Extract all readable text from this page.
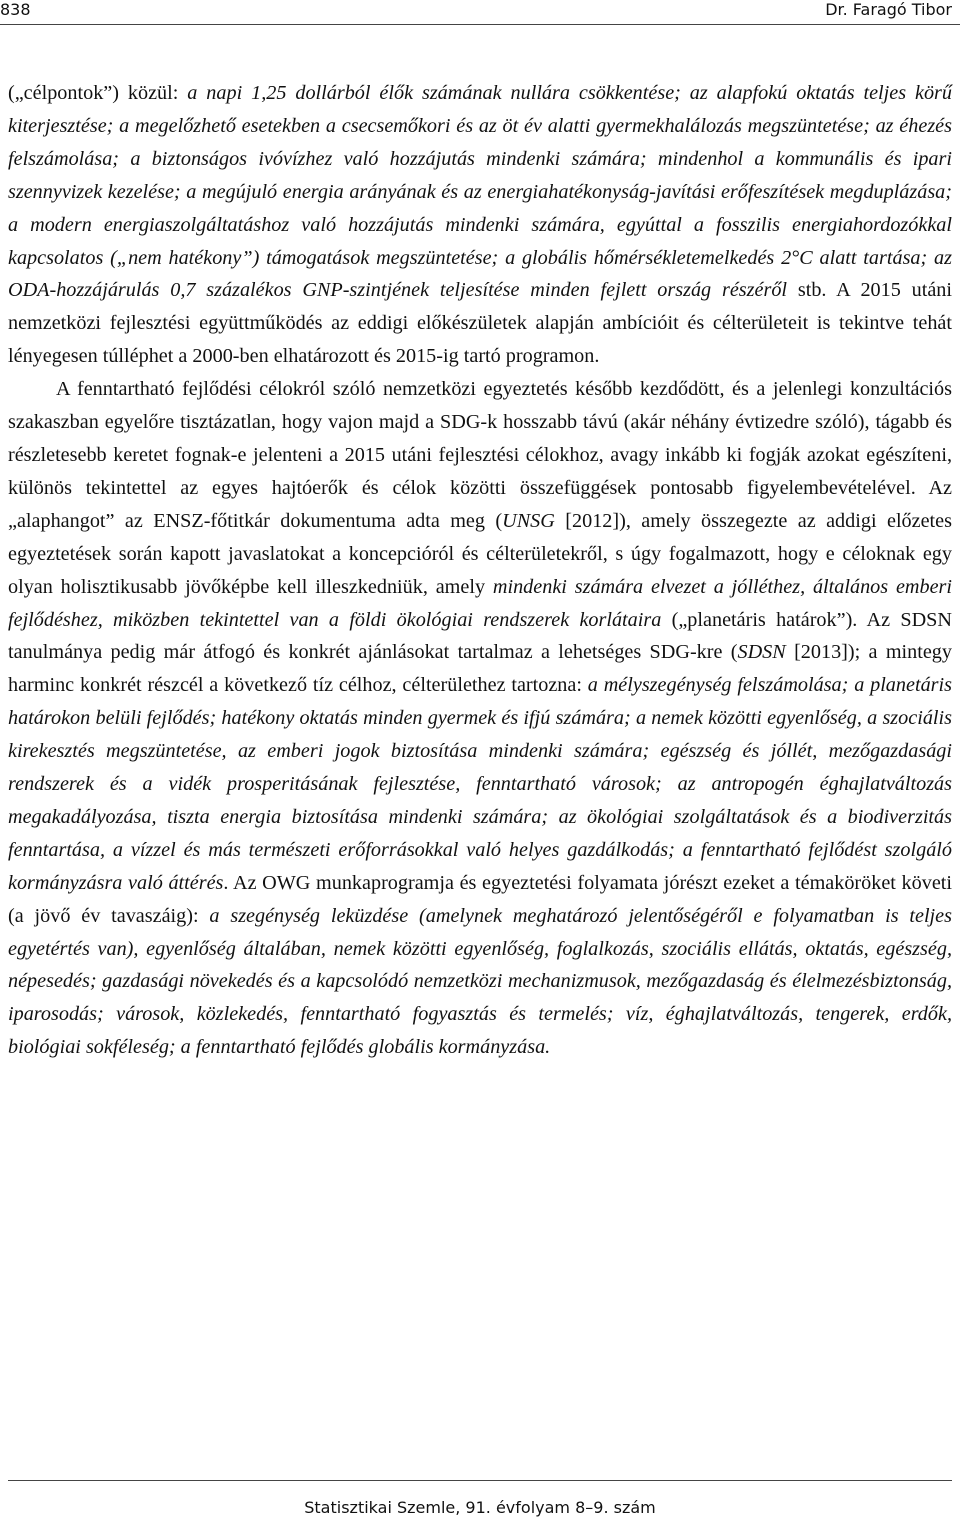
838	Dr. Faragó Tibor

(„célpontok”) közül: a napi 1,25 dollárból élők számának nullára csökkentése; az alapfokú oktatás teljes körű kiterjesztése; a megelőzhető esetekben a csecsemőkori és az öt év alatti gyermekhalálozás megszüntetése; az éhezés felszámolása; a biztonságos ivóvízhez való hozzájutás mindenki számára; mindenhol a kommunális és ipari szennyvizek kezelése; a megújuló energia arányának és az energiahatékonyság-javítási erőfeszítések megduplázása; a modern energiaszolgáltatáshoz való hozzájutás mindenki számára, egyúttal a fosszilis energiahordozókkal kapcsolatos („nem hatékony”) támogatások megszüntetése; a globális hőmérsékletemelkedés 2°C alatt tartása; az ODA-hozzájárulás 0,7 százalékos GNP-szintjének teljesítése minden fejlett ország részéről stb. A 2015 utáni nemzetközi fejlesztési együttműködés az eddigi előkészületek alapján ambícióit és célterületeit is tekintve tehát lényegesen túlléphet a 2000-ben elhatározott és 2015-ig tartó programon.

A fenntartható fejlődési célokról szóló nemzetközi egyeztetés később kezdődött, és a jelenlegi konzultációs szakaszban egyelőre tisztázatlan, hogy vajon majd a SDG-k hosszabb távú (akár néhány évtizedre szóló), tágabb és részletesebb keretet fognak-e jelenteni a 2015 utáni fejlesztési célokhoz, avagy inkább ki fogják azokat egészíteni, különös tekintettel az egyes hajtóerők és célok közötti összefüggések pontosabb figyelembevételével. Az „alaphangot” az ENSZ-főtitkár dokumentuma adta meg (UNSG [2012]), amely összegezte az addigi előzetes egyeztetések során kapott javaslatokat a koncepcióról és célterületekről, s úgy fogalmazott, hogy e céloknak egy olyan holisztikusabb jövőképbe kell illeszkedniük, amely mindenki számára elvezet a jólléthez, általános emberi fejlődéshez, miközben tekintettel van a földi ökológiai rendszerek korlátaira („planetáris határok”). Az SDSN tanulmánya pedig már átfogó és konkrét ajánlásokat tartalmaz a lehetséges SDG-kre (SDSN [2013]); a mintegy harminc konkrét részcél a következő tíz célhoz, célterülethez tartozna: a mélyszegénység felszámolása; a planetáris határokon belüli fejlődés; hatékony oktatás minden gyermek és ifjú számára; a nemek közötti egyenlőség, a szociális kirekesztés megszüntetése, az emberi jogok biztosítása mindenki számára; egészség és jóllét, mezőgazdasági rendszerek és a vidék prosperitásának fejlesztése, fenntartható városok; az antropogén éghajlatváltozás megakadályozása, tiszta energia biztosítása mindenki számára; az ökológiai szolgáltatások és a biodiverzitás fenntartása, a vízzel és más természeti erőforrásokkal való helyes gazdálkodás; a fenntartható fejlődést szolgáló kormányzásra való áttérés. Az OWG munkaprogramja és egyeztetési folyamata jórészt ezeket a témaköröket követi (a jövő év tavaszáig): a szegénység leküzdése (amelynek meghatározó jelentőségéről e folyamatban is teljes egyetértés van), egyenlőség általában, nemek közötti egyenlőség, foglalkozás, szociális ellátás, oktatás, egészség, népesedés; gazdasági növekedés és a kapcsolódó nemzetközi mechanizmusok, mezőgazdaság és élelmezésbiztonság, iparosodás; városok, közlekedés, fenntartható fogyasztás és termelés; víz, éghajlatváltozás, tengerek, erdők, biológiai sokféleség; a fenntartható fejlődés globális kormányzása.

Statisztikai Szemle, 91. évfolyam 8–9. szám
